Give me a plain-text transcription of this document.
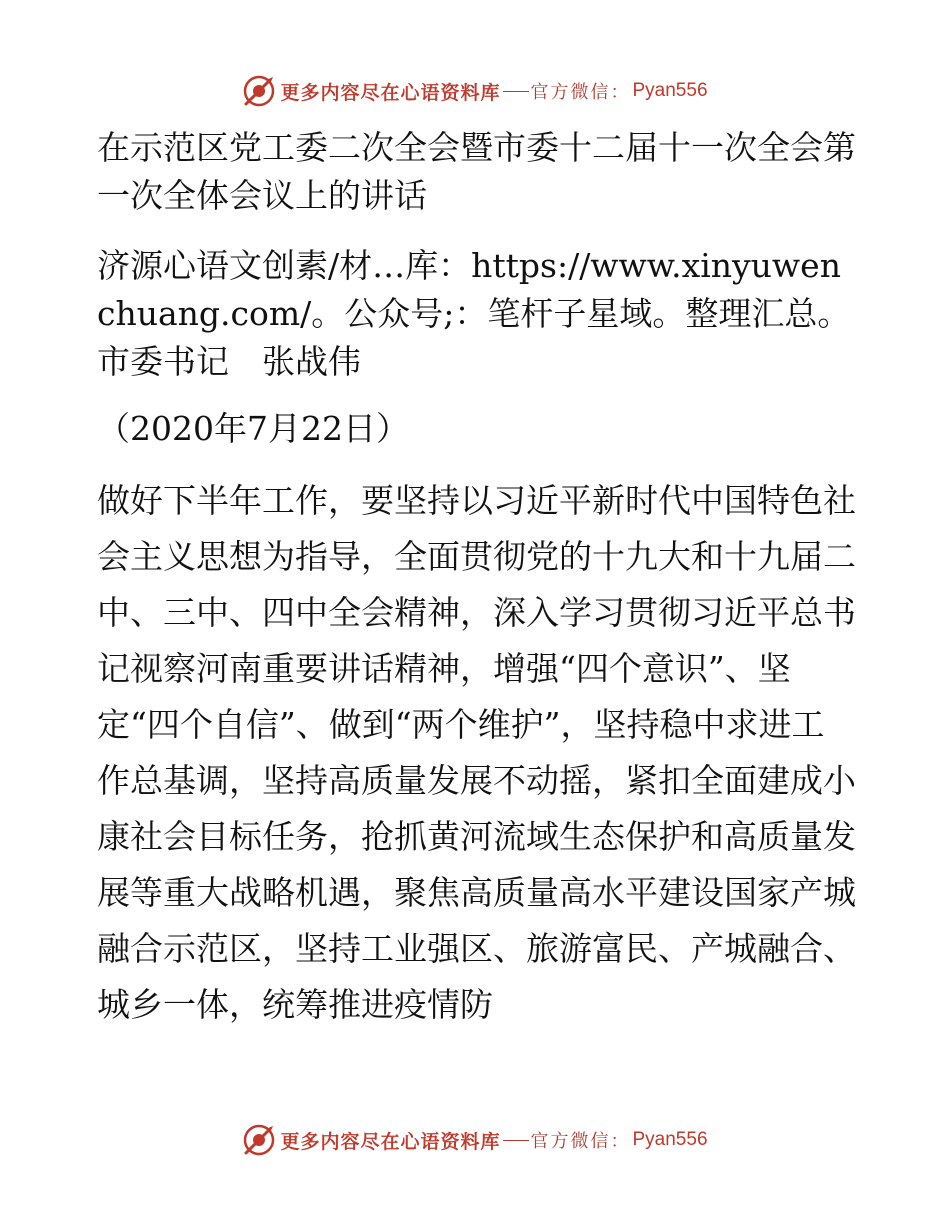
更多内容尽在心语资料库 官方微信： Pyan556

在示范区党工委二次全会暨市委十二届十一次全会第一次全体会议上的讲话

济源心语文创素/材…库：https://www.xinyuwenchuang.com/。公众号;：笔杆子星域。整理汇总。市委书记　张战伟

（2020年7月22日）

做好下半年工作，要坚持以习近平新时代中国特色社会主义思想为指导，全面贯彻党的十九大和十九届二中、三中、四中全会精神，深入学习贯彻习近平总书记视察河南重要讲话精神，增强“四个意识”、坚定“四个自信”、做到“两个维护”，坚持稳中求进工作总基调，坚持高质量发展不动摇，紧扣全面建成小康社会目标任务，抢抓黄河流域生态保护和高质量发展等重大战略机遇，聚焦高质量高水平建设国家产城融合示范区，坚持工业强区、旅游富民、产城融合、城乡一体，统筹推进疫情防

更多内容尽在心语资料库 官方微信： Pyan556
